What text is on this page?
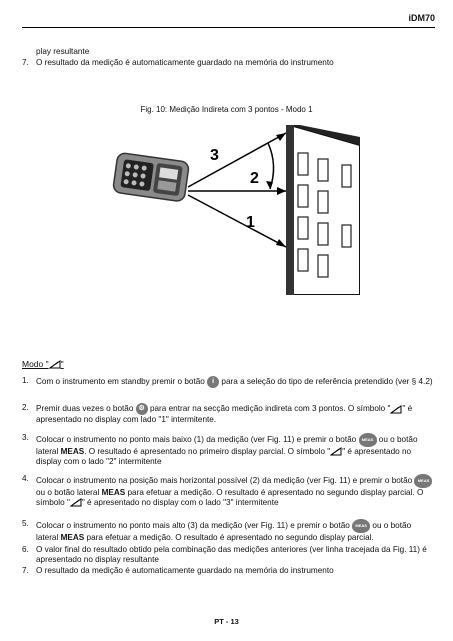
iDM70
play resultante
7. O resultado da medição é automaticamente guardado na memória do instrumento
Fig. 10: Medição Indireta com 3 pontos - Modo 1
3
2
1
Modo " "
1. Com o instrumento em standby premir o botão i para a seleção do tipo de referência pretendido (ver § 4.2)
2. Premir duas vezes o botão ⚙ para entrar na secção medição indireta com 3 pontos. O símbolo " " é apresentado no display com lado "1" intermitente.
3. Colocar o instrumento no ponto mais baixo (1) da medição (ver Fig. 11) e premir o botão MEAS ou o botão lateral MEAS. O resultado é apresentado no primeiro display parcial. O símbolo " " é apresentado no display com o lado "2" intermitente
4. Colocar o instrumento na posição mais horizontal possível (2) da medição (ver Fig. 11) e premir o botão MEAS ou o botão lateral MEAS para efetuar a medição. O resultado é apresentado no segundo display parcial. O símbolo " " é apresentado no display com o lado "3" intermitente
5. Colocar o instrumento no ponto mais alto (3) da medição (ver Fig. 11) e premir o botão MEAS ou o botão lateral MEAS para efetuar a medição. O resultado é apresentado no segundo display parcial.
6. O valor final do resultado obtido pela combinação das medições anteriores (ver linha tracejada da Fig. 11) é apresentado no display resultante
7. O resultado da medição é automaticamente guardado na memória do instrumento
PT - 13
